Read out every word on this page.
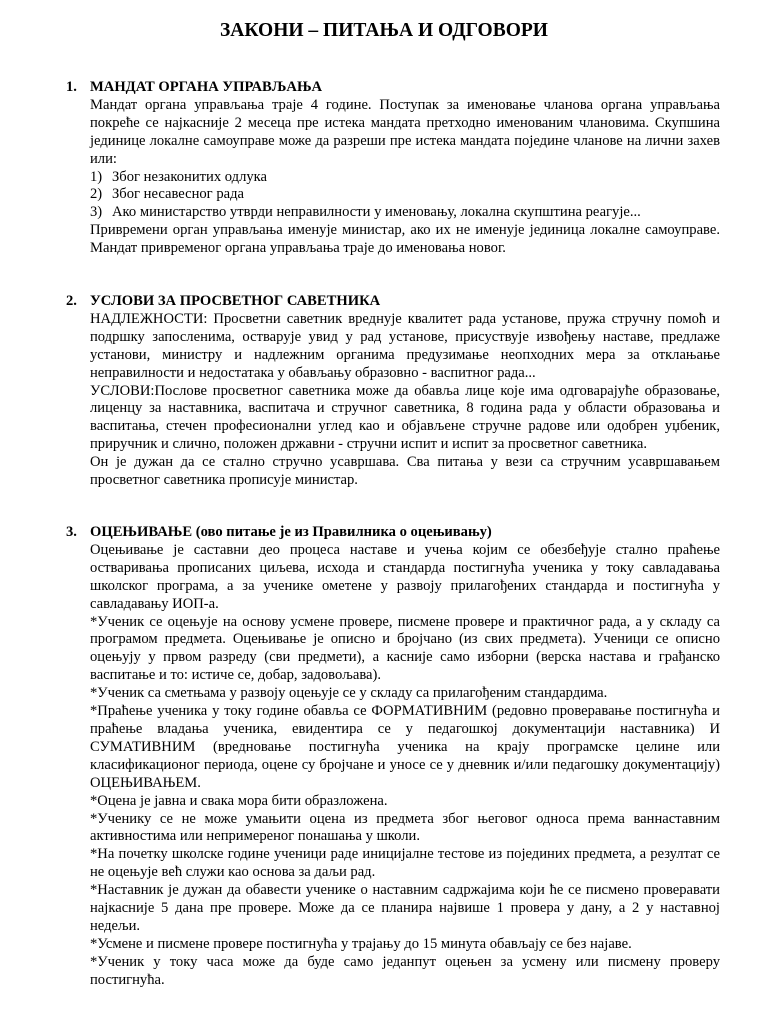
ЗАКОНИ – ПИТАЊА И ОДГОВОРИ
1. МАНДАТ ОРГАНА УПРАВЉАЊА

Мандат органа управљања траје 4 године. Поступак за именовање чланова органа управљања покреће се најкасније 2 месеца пре истека мандата претходно именованим члановима. Скупшина јединице локалне самоуправе може да разреши пре истека мандата поједине чланове на лични захев или:

1) Због незаконитих одлука
2) Због несавесног рада
3) Ако министарство утврди неправилности у именовању, локална скупштина реагује...

Привремени орган управљања именује министар, ако их не именује јединица локалне самоуправе. Мандат привременог органа управљања траје до именовања новог.

2. УСЛОВИ ЗА ПРОСВЕТНОГ САВЕТНИКА

НАДЛЕЖНОСТИ: Просветни саветник вреднује квалитет рада установе, пружа стручну помоћ и подршку запосленима, остварује увид у рад установе, присуствује извођењу наставе, предлаже установи, министру и надлежним органима предузимање неопходних мера за отклањање неправилности и недостатака у обављању образовно - васпитног рада...

УСЛОВИ:Послове просветног саветника може да обавља лице које има одговарајуће образовање, лиценцу за наставника, васпитача и стручног саветника, 8 година рада у области образовања и васпитања, стечен професионални углед као и објављене стручне радове или одобрен уџбеник, приручник и слично, положен државни - стручни испит и испит за просветног саветника.

Он је дужан да се стално стручно усавршава. Сва питања у вези са стручним усавршавањем просветног саветника прописује министар.

3. ОЦЕЊИВАЊЕ (ово питање је из Правилника о оцењивању)

Оцењивање је саставни део процеса наставе и учења којим се обезбеђује стално праћење остваривања прописаних циљева, исхода и стандарда постигнућа ученика у току савладавања школског програма, а за ученике ометене у развоју прилагођених стандарда и постигнућа у савладавању ИОП-а.

*Ученик се оцењује на основу усмене провере, писмене провере и практичног рада, а у складу са програмом предмета. Оцењивање је описно и бројчано (из свих предмета). Ученици се описно оцењују у првом разреду (сви предмети), а касније само изборни (верска настава и грађанско васпитање и то: истиче се, добар, задовољава).

*Ученик са сметњама у развоју оцењује се у складу са прилагођеним стандардима.

*Праћење ученика у току године обавља се ФОРМАТИВНИМ (редовно проверавање постигнућа и праћење владања ученика, евидентира се у педагошкој документацији наставника) И СУМАТИВНИМ (вредновање постигнућа ученика на крају програмске целине или класификационог периода, оцене су бројчане и уносе се у дневник и/или педагошку документацију) ОЦЕЊИВАЊЕМ.

*Оцена је јавна и свака мора бити образложена.

*Ученику се не може умањити оцена из предмета због његовог односа према ваннаставним активностима или непримереног понашања у школи.

*На почетку школске године ученици раде иницијалне тестове из појединих предмета, а резултат се не оцењује већ служи као основа за даљи рад.

*Наставник је дужан да обавести ученике о наставним садржајима који ће се писмено проверавати најкасније 5 дана пре провере. Може да се планира највише 1 провера у дану, а 2 у наставној недељи.

*Усмене и писмене провере постигнућа у трајању до 15 минута обављају се без најаве.

*Ученик у току часа може да буде само једанпут оцењен за усмену или писмену проверу постигнућа.
